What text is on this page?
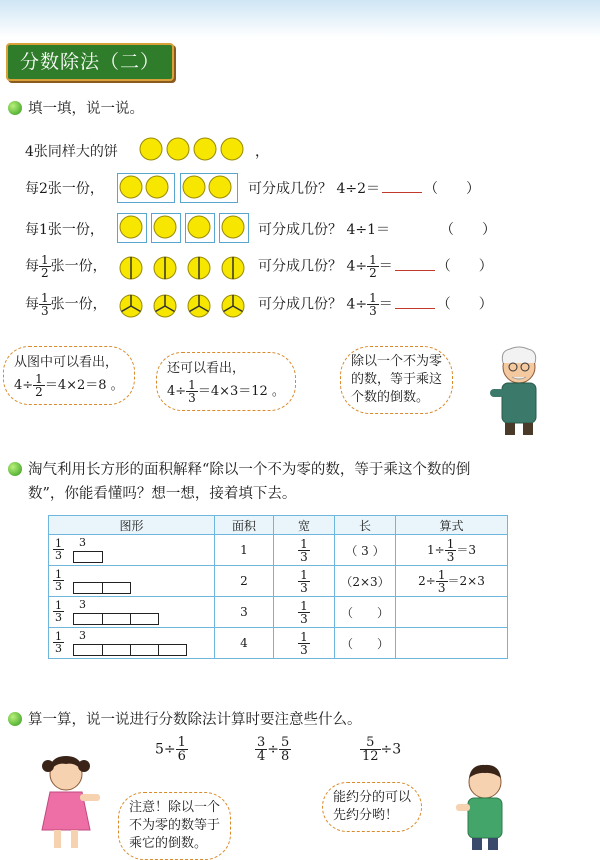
分数除法（二）
填一填，说一说。
4张同样大的饼	，
每2张一份，	可分成几份？ 4÷2＝	（　　）
每1张一份，	可分成几份？ 4÷1＝	（　　）
每 $\frac{1}{2}$ 张一份，	可分成几份？ $4\div \frac{1}{2}$ ＝	（　　）
每 $\frac{1}{3}$ 张一份，	可分成几份？ $4\div \frac{1}{3}$ ＝	（　　）
从图中可以看出，
$4\div \frac{1}{2} =4\times 2=8$ 。
还可以看出，
$4\div \frac{1}{3} =4\times 3=12$ 。
除以一个不为零
的数，等于乘这
个数的倒数。
淘气利用长方形的面积解释“除以一个不为零的数，等于乘这个数的倒
数”，你能看懂吗？想一想，接着填下去。
图形	面积	宽	长	算式

$\frac{1}{3} 3$	1	$\frac{1}{3}$	（ 3 ）	$1\div \frac{1}{3} =3$

$\frac{1}{3}$	2	$\frac{1}{3}$	（2×3）	$2\div \frac{1}{3} =2\times 3$

$\frac{1}{3} 3$	3	$\frac{1}{3}$	（　　）	

$\frac{1}{3} 3$	4	$\frac{1}{3}$	（　　）	
算一算，说一说进行分数除法计算时要注意些什么。
$5\div \frac{1}{6}$	$\frac{3}{4} \div \frac{5}{8}$	$\frac{5}{12} \div 3$
注意！除以一个
不为零的数等于
乘它的倒数。
能约分的可以
先约分哟！
